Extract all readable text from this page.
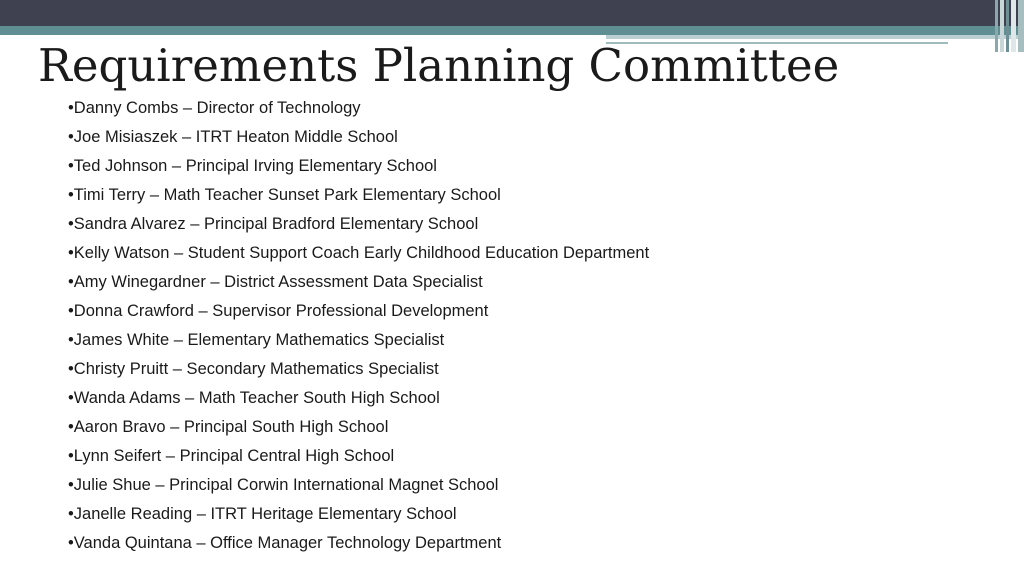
Requirements Planning Committee
•Danny Combs – Director of Technology
•Joe Misiaszek – ITRT Heaton Middle School
•Ted Johnson – Principal Irving Elementary School
•Timi Terry – Math Teacher Sunset Park Elementary School
•Sandra Alvarez – Principal Bradford Elementary School
•Kelly Watson – Student Support Coach Early Childhood Education Department
•Amy Winegardner – District Assessment Data Specialist
•Donna Crawford – Supervisor Professional Development
•James White – Elementary Mathematics Specialist
•Christy Pruitt – Secondary Mathematics Specialist
•Wanda Adams – Math Teacher South High School
•Aaron Bravo – Principal South High School
•Lynn Seifert – Principal Central High School
•Julie Shue – Principal Corwin International Magnet School
•Janelle Reading – ITRT Heritage Elementary School
•Vanda Quintana – Office Manager Technology Department
